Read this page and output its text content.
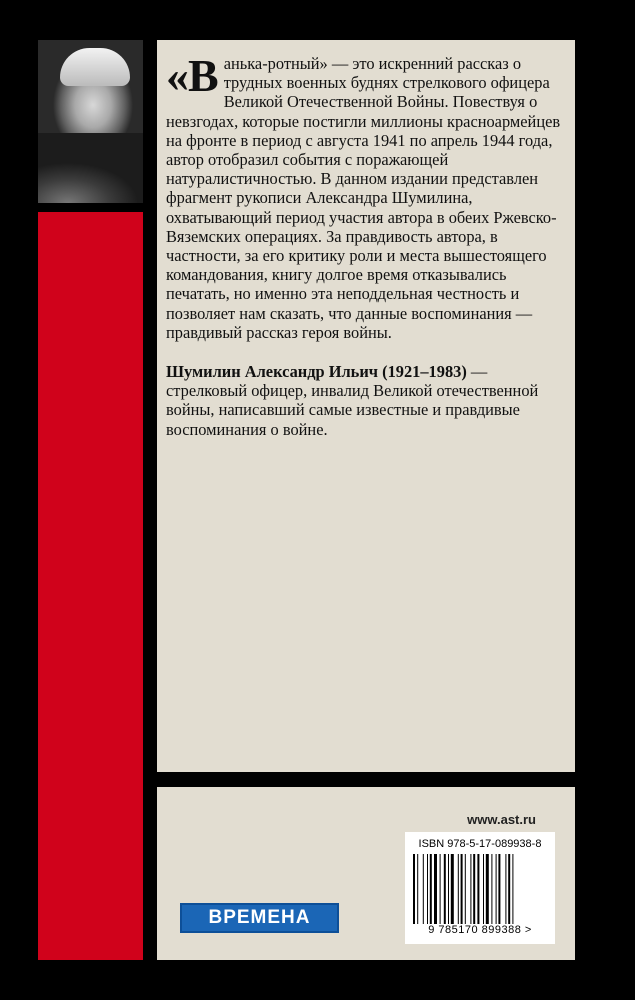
«В анька-ротный» — это искренний рассказ о трудных военных буднях стрелкового офицера Великой Отечественной Войны. Повествуя о невзгодах, которые постигли миллионы красноармейцев на фронте в период с августа 1941 по апрель 1944 года, автор отобразил события с поражающей натуралистичностью. В данном издании представлен фрагмент рукописи Александра Шумилина, охватывающий период участия автора в обеих Ржевско-Вяземских операциях. За правдивость автора, в частности, за его критику роли и места вышестоящего командования, книгу долгое время отказывались печатать, но именно эта неподдельная честность и позволяет нам сказать, что данные воспоминания — правдивый рассказ героя войны.

Шумилин Александр Ильич (1921–1983) — стрелковый офицер, инвалид Великой отечественной войны, написавший самые известные и правдивые воспоминания о войне.

www.ast.ru
ISBN 978-5-17-089938-8
9 785170 899388 >
ВРЕМЕНА
